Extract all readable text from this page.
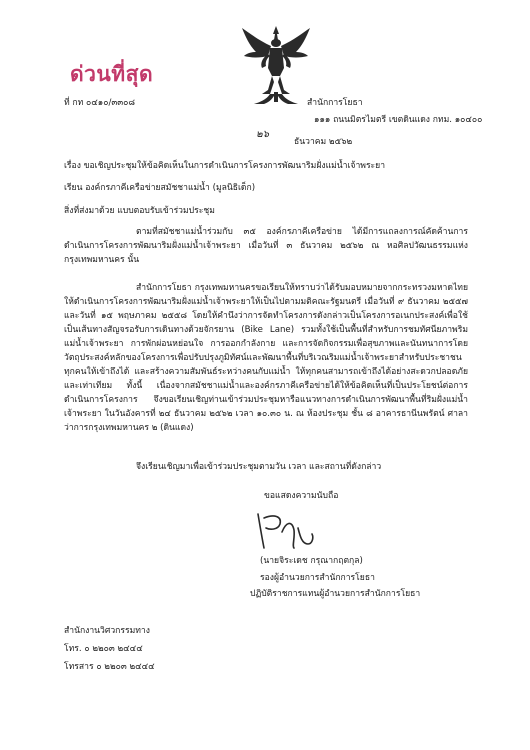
ด่วนที่สุด
ที่ กท ๐๔๑๐/๓๓๐๘	สำนักการโยธา
๑๑๑ ถนนมิตรไมตรี เขตดินแดง กทม. ๑๐๔๐๐
๒๖
ธันวาคม ๒๕๖๒
เรื่อง ขอเชิญประชุมให้ข้อคิดเห็นในการดำเนินการโครงการพัฒนาริมฝั่งแม่น้ำเจ้าพระยา
เรียน องค์กรภาคีเครือข่ายสมัชชาแม่น้ำ (มูลนิธิเด็ก)
สิ่งที่ส่งมาด้วย แบบตอบรับเข้าร่วมประชุม
ตามที่สมัชชาแม่น้ำร่วมกับ ๓๕ องค์กรภาคีเครือข่าย ได้มีการแถลงการณ์คัดค้านการดำเนินการโครงการพัฒนาริมฝั่งแม่น้ำเจ้าพระยา เมื่อวันที่ ๓ ธันวาคม ๒๕๖๒ ณ หอศิลปวัฒนธรรมแห่งกรุงเทพมหานคร นั้น
สำนักการโยธา กรุงเทพมหานครขอเรียนให้ทราบว่าได้รับมอบหมายจากกระทรวงมหาดไทยให้ดำเนินการโครงการพัฒนาริมฝั่งแม่น้ำเจ้าพระยาให้เป็นไปตามมติคณะรัฐมนตรี เมื่อวันที่ ๙ ธันวาคม ๒๕๕๗ และวันที่ ๑๕ พฤษภาคม ๒๕๕๘ โดยให้คำนึงว่าการจัดทำโครงการดังกล่าวเป็นโครงการอเนกประสงค์เพื่อใช้เป็นเส้นทางสัญจรอรับการเดินทางด้วยจักรยาน (Bike Lane) รวมทั้งใช้เป็นพื้นที่สำหรับการชมทัศนียภาพริมแม่น้ำเจ้าพระยา การพักผ่อนหย่อนใจ การออกกำลังกาย และการจัดกิจกรรมเพื่อสุขภาพและนันทนาการโดยวัตถุประสงค์หลักของโครงการเพื่อปรับปรุงภูมิทัศน์และพัฒนาพื้นที่บริเวณริมแม่น้ำเจ้าพระยาสำหรับประชาชนทุกคนให้เข้าถึงได้ และสร้างความสัมพันธ์ระหว่างคนกับแม่น้ำ ให้ทุกคนสามารถเข้าถึงได้อย่างสะดวกปลอดภัย และเท่าเทียม ทั้งนี้ เนื่องจากสมัชชาแม่น้ำและองค์กรภาคีเครือข่ายได้ให้ข้อคิดเห็นที่เป็นประโยชน์ต่อการดำเนินการโครงการ จึงขอเรียนเชิญท่านเข้าร่วมประชุมหารือแนวทางการดำเนินการพัฒนาพื้นที่ริมฝั่งแม่น้ำเจ้าพระยา ในวันอังคารที่ ๒๔ ธันวาคม ๒๕๖๒ เวลา ๑๐.๓๐ น. ณ ห้องประชุม ชั้น ๘ อาคารธานีนพรัตน์ ศาลาว่าการกรุงเทพมหานคร ๒ (ดินแดง)
จึงเรียนเชิญมาเพื่อเข้าร่วมประชุมตามวัน เวลา และสถานที่ดังกล่าว
ขอแสดงความนับถือ
(นายจิระเดช กรุณากฤตกุล)
รองผู้อำนวยการสำนักการโยธา
ปฏิบัติราชการแทนผู้อำนวยการสำนักการโยธา
สำนักงานวิศวกรรมทาง
โทร. ๐ ๒๒๐๓ ๒๔๔๔
โทรสาร ๐ ๒๒๐๓ ๒๔๔๔
